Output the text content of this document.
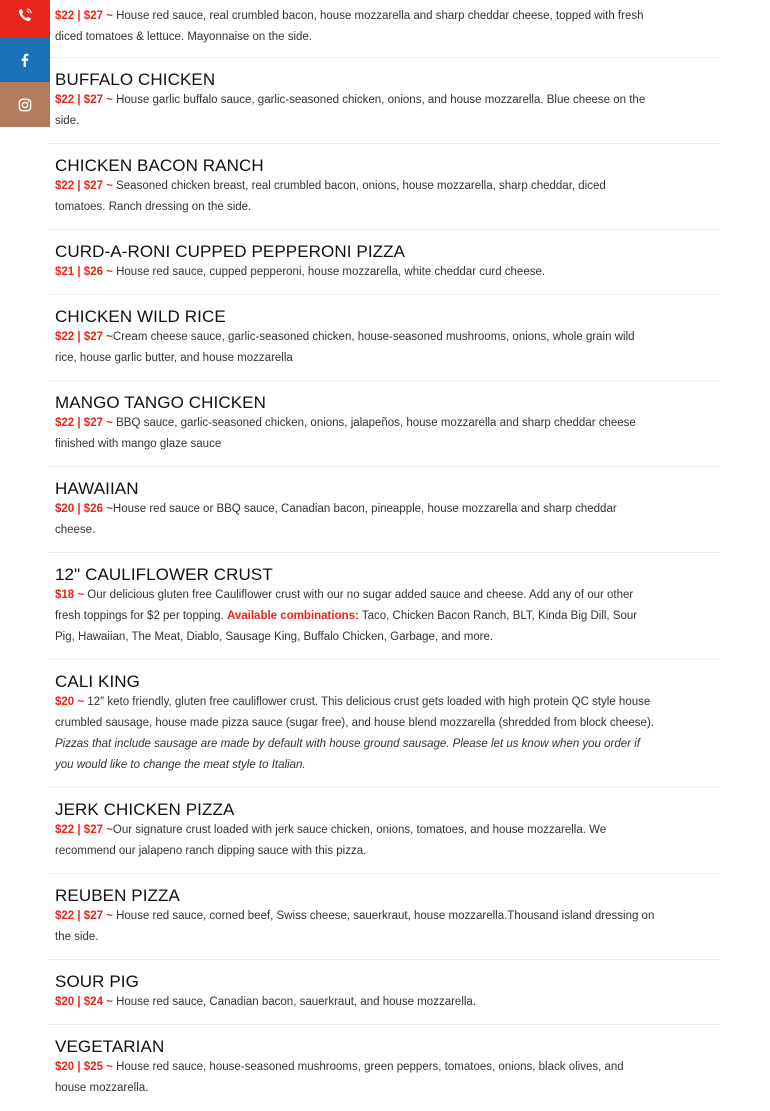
$22 | $27 ~ House red sauce, real crumbled bacon, house mozzarella and sharp cheddar cheese, topped with fresh diced tomatoes & lettuce. Mayonnaise on the side.

BUFFALO CHICKEN

$22 | $27 ~ House garlic buffalo sauce, garlic-seasoned chicken, onions, and house mozzarella. Blue cheese on the side.

CHICKEN BACON RANCH

$22 | $27 ~ Seasoned chicken breast, real crumbled bacon, onions, house mozzarella, sharp cheddar, diced tomatoes. Ranch dressing on the side.

CURD-A-RONI CUPPED PEPPERONI PIZZA

$21 | $26 ~ House red sauce, cupped pepperoni, house mozzarella, white cheddar curd cheese.

CHICKEN WILD RICE

$22 | $27 ~Cream cheese sauce, garlic-seasoned chicken, house-seasoned mushrooms, onions, whole grain wild rice, house garlic butter, and house mozzarella

MANGO TANGO CHICKEN

$22 | $27 ~ BBQ sauce, garlic-seasoned chicken, onions, jalapeños, house mozzarella and sharp cheddar cheese finished with mango glaze sauce

HAWAIIAN

$20 | $26 ~House red sauce or BBQ sauce, Canadian bacon, pineapple, house mozzarella and sharp cheddar cheese.

12" CAULIFLOWER CRUST

$18 ~ Our delicious gluten free Cauliflower crust with our no sugar added sauce and cheese. Add any of our other fresh toppings for $2 per topping. Available combinations: Taco, Chicken Bacon Ranch, BLT, Kinda Big Dill, Sour Pig, Hawaiian, The Meat, Diablo, Sausage King, Buffalo Chicken, Garbage, and more.

CALI KING

$20 ~ 12″ keto friendly, gluten free cauliflower crust. This delicious crust gets loaded with high protein QC style house crumbled sausage, house made pizza sauce (sugar free), and house blend mozzarella (shredded from block cheese). Pizzas that include sausage are made by default with house ground sausage. Please let us know when you order if you would like to change the meat style to Italian.

JERK CHICKEN PIZZA

$22 | $27 ~Our signature crust loaded with jerk sauce chicken, onions, tomatoes, and house mozzarella. We recommend our jalapeno ranch dipping sauce with this pizza.

REUBEN PIZZA

$22 | $27 ~ House red sauce, corned beef, Swiss cheese, sauerkraut, house mozzarella.Thousand island dressing on the side.

SOUR PIG

$20 | $24 ~ House red sauce, Canadian bacon, sauerkraut, and house mozzarella.

VEGETARIAN

$20 | $25 ~ House red sauce, house-seasoned mushrooms, green peppers, tomatoes, onions, black olives, and house mozzarella.
